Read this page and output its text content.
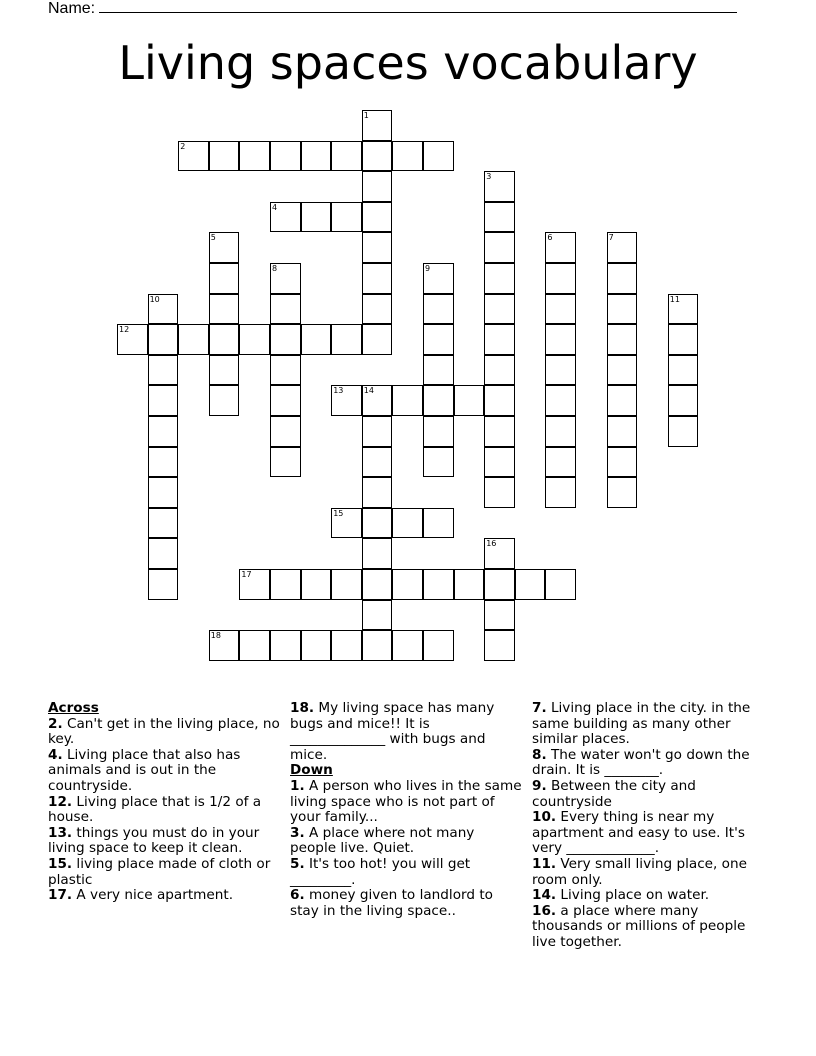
Name:
Living spaces vocabulary
1
2
3
4
5	6	7
8	9
10	11
12
13	14
15
16
17
18
Across

2. Can't get in the living place, no key.

4. Living place that also has animals and is out in the countryside.

12. Living place that is 1/2 of a house.

13. things you must do in your living space to keep it clean.

15. living place made of cloth or plastic

17. A very nice apartment.

18. My living space has many bugs and mice!! It is ______________ with bugs and mice.

Down

1. A person who lives in the same living space who is not part of your family...

3. A place where not many people live. Quiet.

5. It's too hot! you will get _________.

6. money given to landlord to stay in the living space..

7. Living place in the city. in the same building as many other similar places.

8. The water won't go down the drain. It is ________.

9. Between the city and countryside

10. Every thing is near my apartment and easy to use. It's very _____________.

11. Very small living place, one room only.

14. Living place on water.

16. a place where many thousands or millions of people live together.
